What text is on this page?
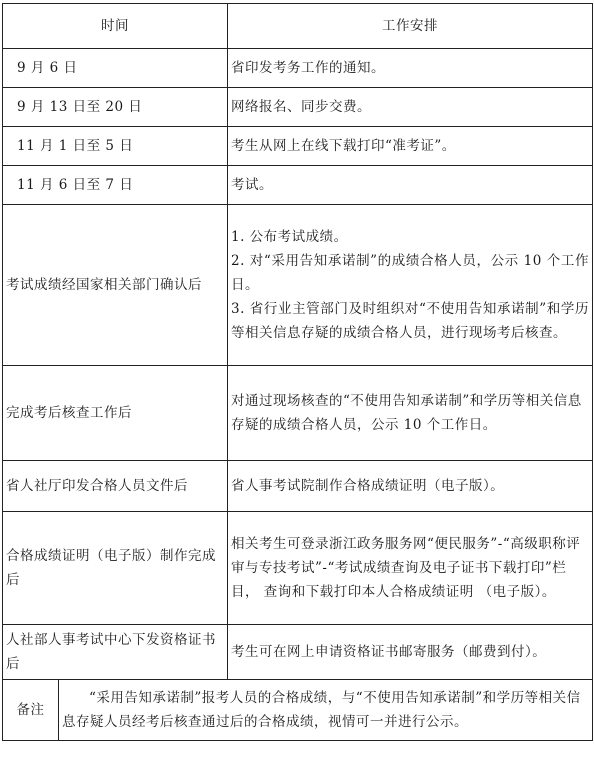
时间		工作安排
9 月 6 日		省印发考务工作的通知。
9 月 13 日至 20 日		网络报名、同步交费。
11 月 1 日至 5 日		考生从网上在线下载打印“准考证”。
11 月 6 日至 7 日		考试。
考试成绩经国家相关部门确认后		1. 公布考试成绩。
2. 对“采用告知承诺制”的成绩合格人员，公示 10 个工作日。
3. 省行业主管部门及时组织对“不使用告知承诺制”和学历等相关信息存疑的成绩合格人员，进行现场考后核查。

完成考后核查工作后		对通过现场核查的“不使用告知承诺制”和学历等相关信息存疑的成绩合格人员，公示 10 个工作日。
省人社厅印发合格人员文件后		省人事考试院制作合格成绩证明（电子版）。
合格成绩证明（电子版）制作完成后		相关考生可登录浙江政务服务网“便民服务”-“高级职称评 审与专技考试”-“考试成绩查询及电子证书下载打印”栏目， 查询和下载打印本人合格成绩证明 （电子版）。
人社部人事考试中心下发资格证书后		考生可在网上申请资格证书邮寄服务（邮费到付）。
备注	“采用告知承诺制”报考人员的合格成绩，与“不使用告知承诺制”和学历等相关信息存疑人员经考后核查通过后的合格成绩，视情可一并进行公示。	
